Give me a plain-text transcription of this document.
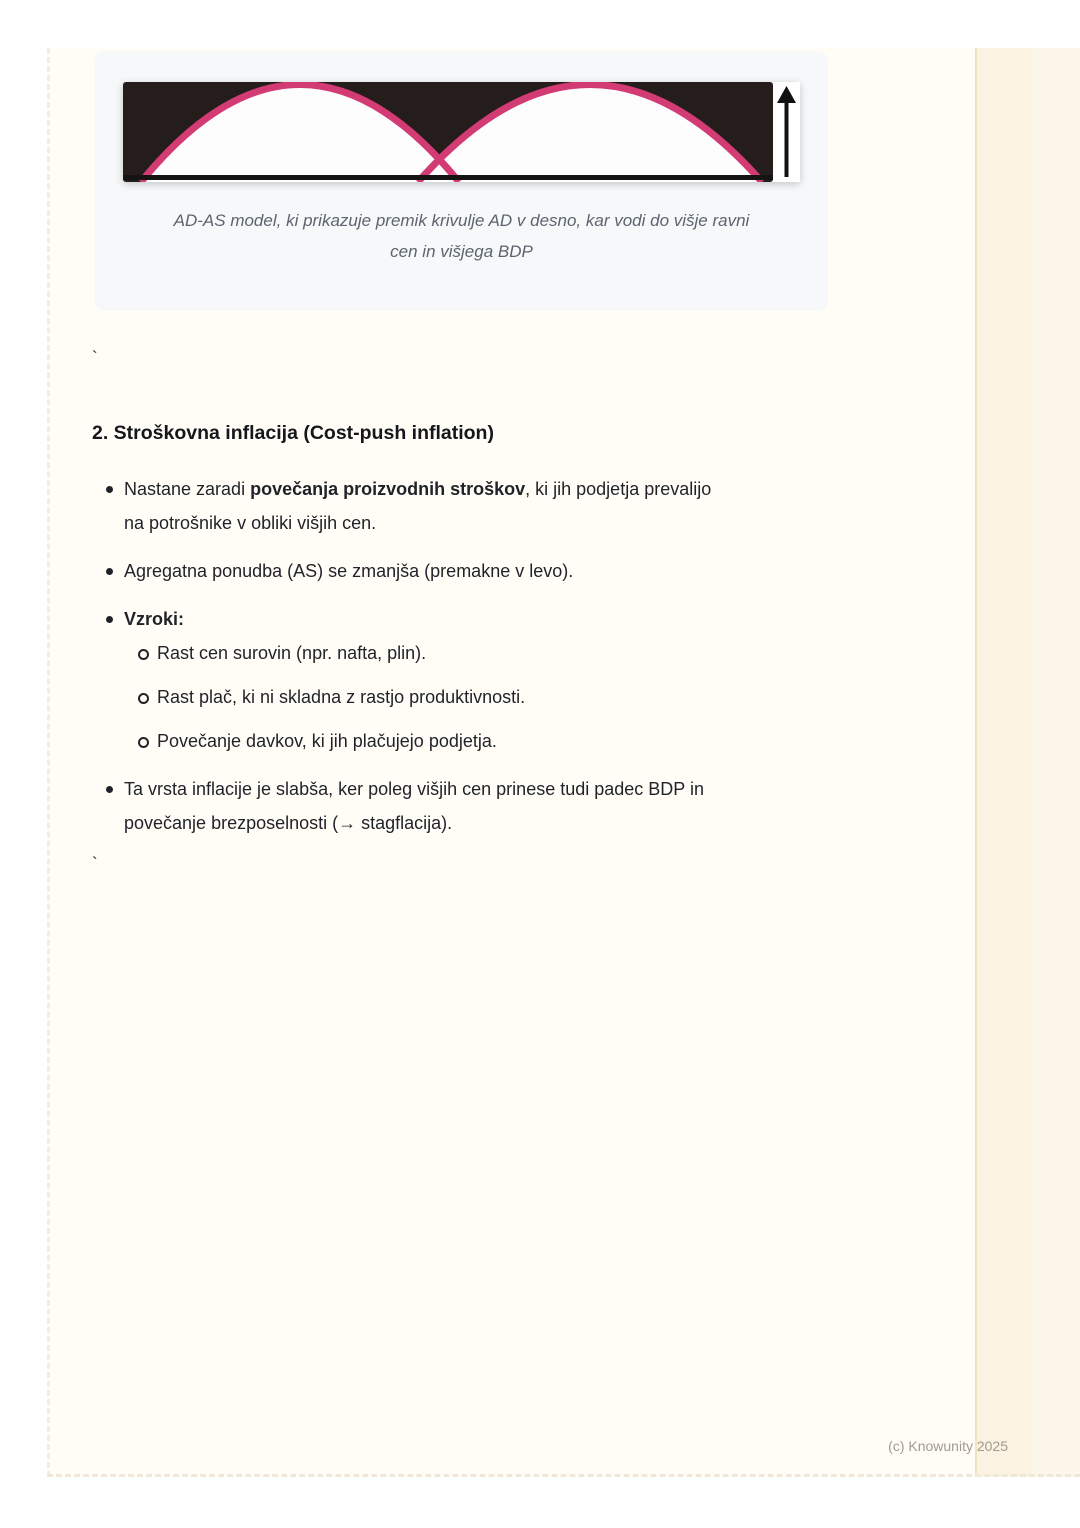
AD-AS model, ki prikazuje premik krivulje AD v desno, kar vodi do višje ravni
cen in višjega BDP
`
2. Stroškovna inflacija (Cost-push inflation)
Nastane zaradi povečanja proizvodnih stroškov, ki jih podjetja prevalijo
na potrošnike v obliki višjih cen.
Agregatna ponudba (AS) se zmanjša (premakne v levo).
Vzroki:
Rast cen surovin (npr. nafta, plin).
Rast plač, ki ni skladna z rastjo produktivnosti.
Povečanje davkov, ki jih plačujejo podjetja.
Ta vrsta inflacije je slabša, ker poleg višjih cen prinese tudi padec BDP in
povečanje brezposelnosti (→ stagflacija).
`
(c) Knowunity 2025
